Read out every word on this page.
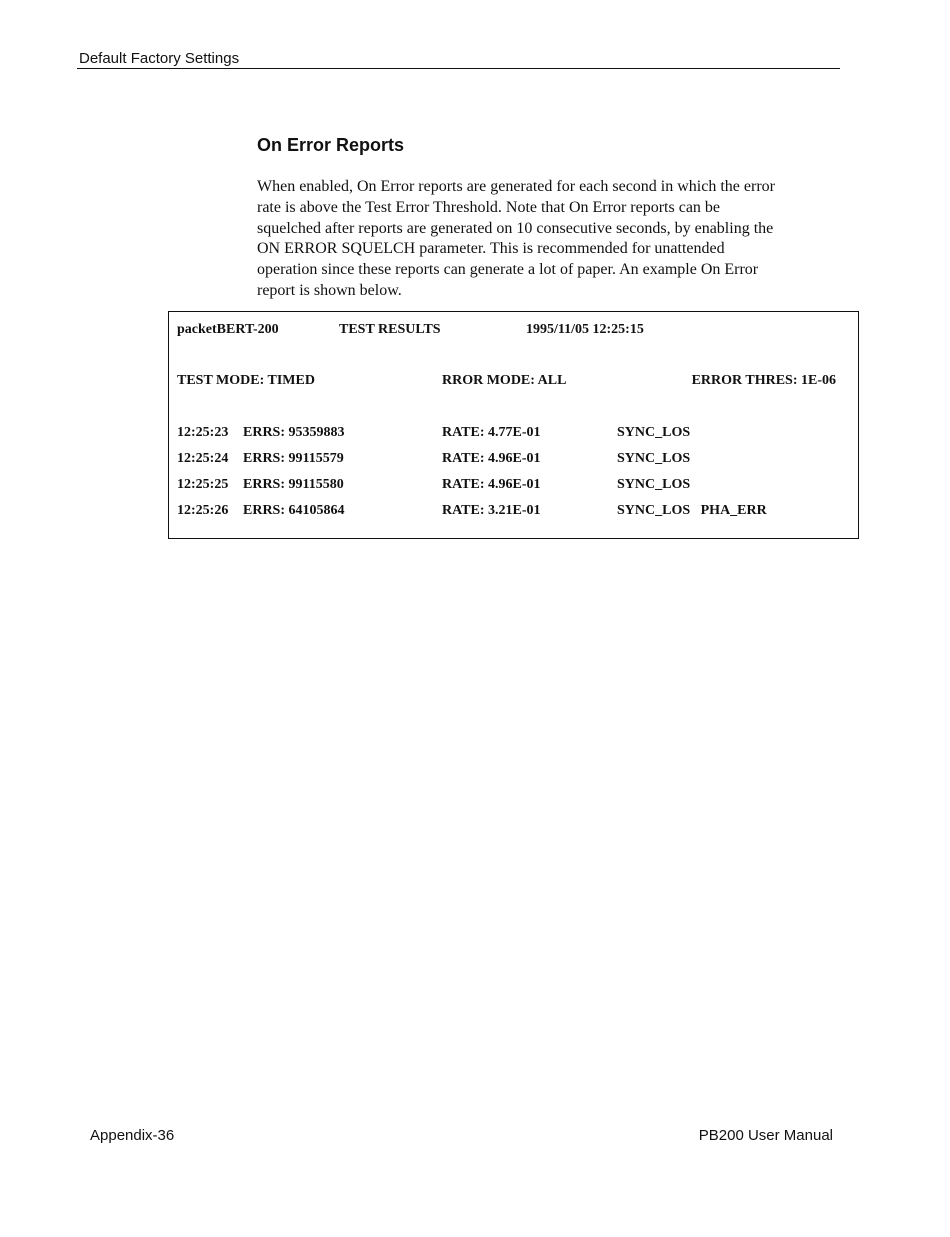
Default Factory Settings
On Error Reports
When enabled, On Error reports are generated for each second in which the error
rate is above the Test Error Threshold. Note that On Error reports can be
squelched after reports are generated on 10 consecutive seconds, by enabling the
ON ERROR SQUELCH parameter. This is recommended for unattended
operation since these reports can generate a lot of paper. An example On Error
report is shown below.
packetBERT-200	TEST RESULTS	1995/11/05 12:25:15
TEST MODE: TIMED	RROR MODE: ALL	ERROR THRES: 1E-06
12:25:23 ERRS: 95359883	RATE: 4.77E-01	SYNC_LOS
12:25:24 ERRS: 99115579	RATE: 4.96E-01	SYNC_LOS
12:25:25 ERRS: 99115580	RATE: 4.96E-01	SYNC_LOS
12:25:26 ERRS: 64105864	RATE: 3.21E-01	SYNC_LOS   PHA_ERR
Appendix-36	PB200 User Manual
